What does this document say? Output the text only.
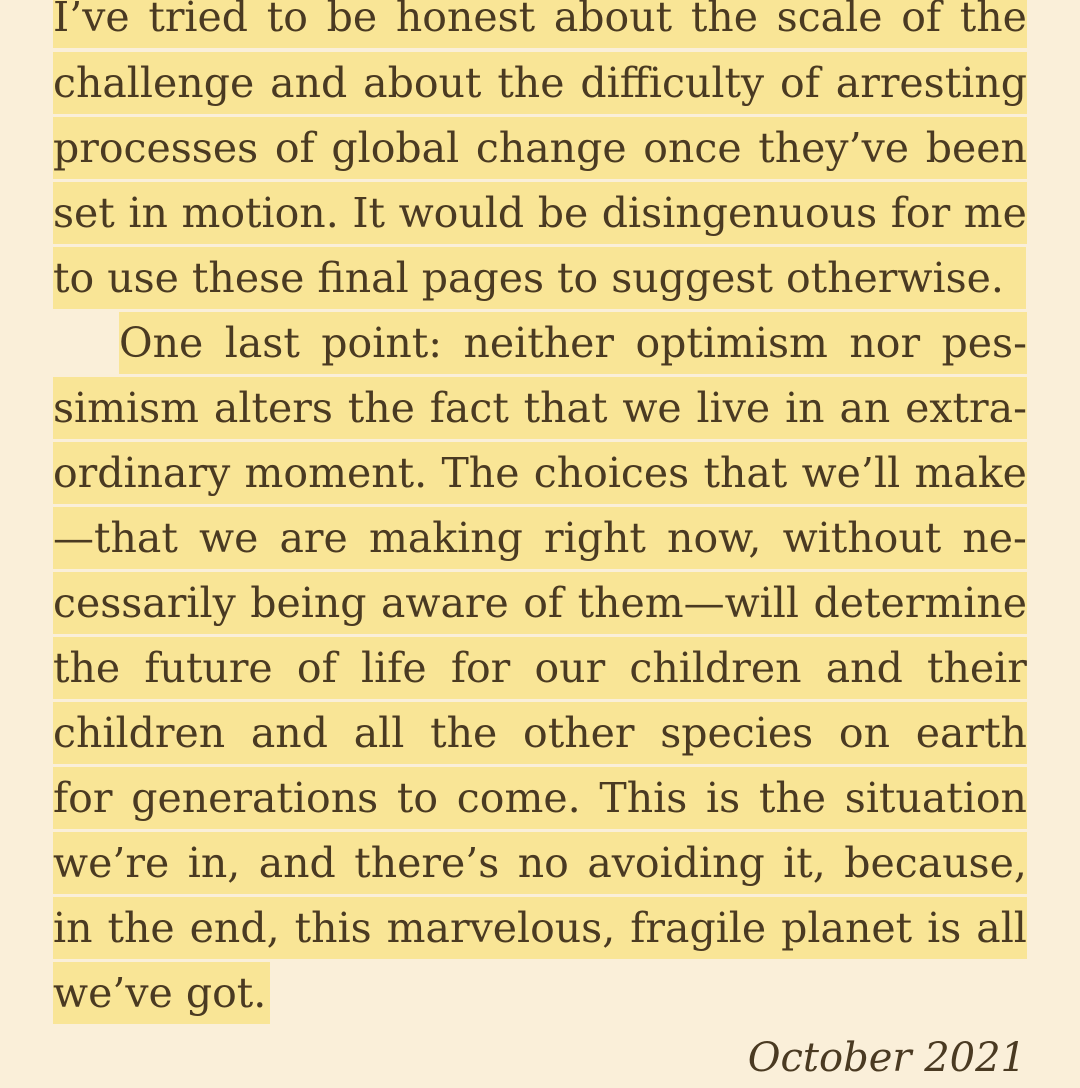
I’ve tried to be honest about the scale of the
challenge and about the difficulty of arresting
processes of global change once they’ve been
set in motion. It would be disingenuous for me
to use these final pages to suggest otherwise.
One last point: neither optimism nor pes-
simism alters the fact that we live in an extra-
ordinary moment. The choices that we’ll make
—that we are making right now, without ne-
cessarily being aware of them—will determine
the future of life for our children and their
children and all the other species on earth
for generations to come. This is the situation
we’re in, and there’s no avoiding it, because,
in the end, this marvelous, fragile planet is all
we’ve got.
October 2021
